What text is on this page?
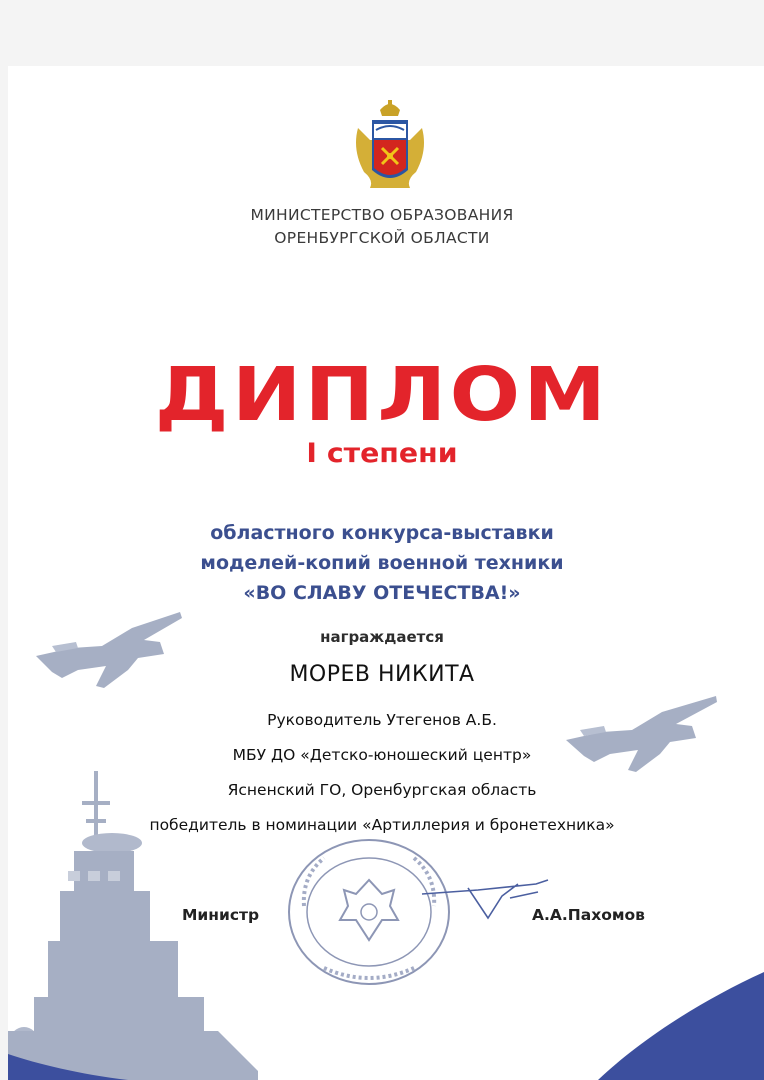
МИНИСТЕРСТВО ОБРАЗОВАНИЯ
ОРЕНБУРГСКОЙ ОБЛАСТИ
ДИПЛОМ
I степени
областного конкурса-выставки
моделей-копий военной техники
«ВО СЛАВУ ОТЕЧЕСТВА!»
награждается
МОРЕВ НИКИТА
Руководитель Утегенов А.Б.
МБУ ДО «Детско-юношеский центр»
Ясненский ГО, Оренбургская область
победитель в номинации «Артиллерия и бронетехника»
Министр	А.А.Пахомов
